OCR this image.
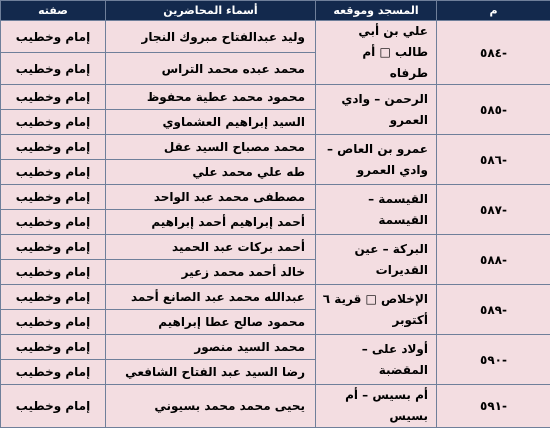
م	المسجد وموقعه	أسماء المحاضرين	صفته
-٥٨٤	علي بن أبي طالب □ أم طرفاه	وليد عبدالفتاح مبروك النجار	إمام وخطيب
		محمد عبده محمد التراس	إمام وخطيب
-٥٨٥	الرحمن – وادي العمرو	محمود محمد عطية محفوظ	إمام وخطيب
		السيد إبراهيم العشماوي	إمام وخطيب
-٥٨٦	عمرو بن العاص – وادي العمرو	محمد مصباح السيد عقل	إمام وخطيب
		طه علي محمد علي	إمام وخطيب
-٥٨٧	القيسمة – القيسمة	مصطفى محمد عبد الواحد	إمام وخطيب
		أحمد إبراهيم أحمد إبراهيم	إمام وخطيب
-٥٨٨	البركة – عين القديرات	أحمد بركات عبد الحميد	إمام وخطيب
		خالد أحمد محمد زعير	إمام وخطيب
-٥٨٩	الإخلاص □ قرية ٦ أكتوبر	عبدالله محمد عبد الصانع أحمد	إمام وخطيب
		محمود صالح عطا إبراهيم	إمام وخطيب
-٥٩٠	أولاد على – المقضبة	محمد السيد منصور	إمام وخطيب
		رضا السيد عبد الفتاح الشافعي	إمام وخطيب
-٥٩١	أم بسيس – أم بسيس	يحيى محمد محمد بسيوني	إمام وخطيب
